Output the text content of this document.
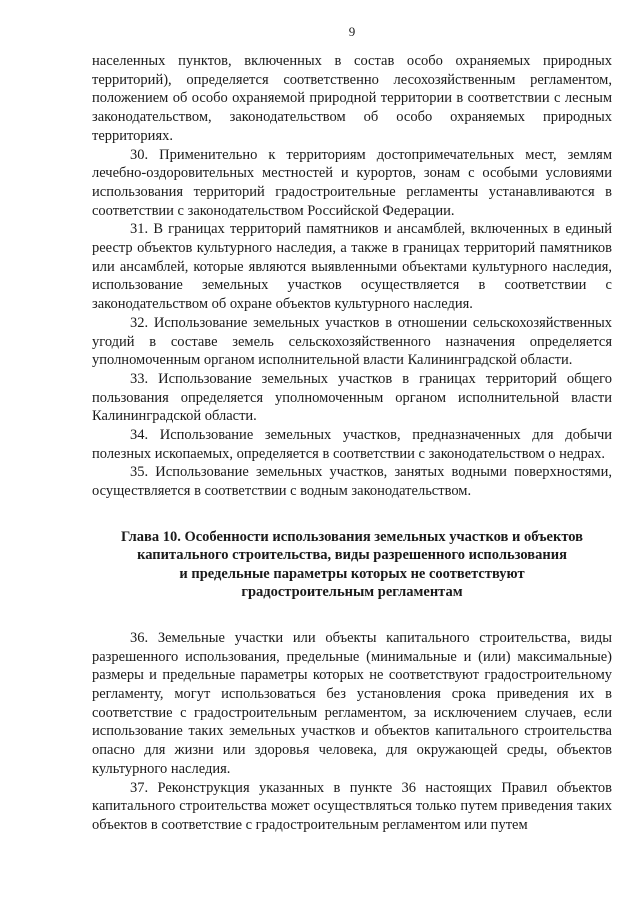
9

населенных пунктов, включенных в состав особо охраняемых природных территорий), определяется соответственно лесохозяйственным регламентом, положением об особо охраняемой природной территории в соответствии с лесным законодательством, законодательством об особо охраняемых природных территориях.

30. Применительно к территориям достопримечательных мест, землям лечебно-оздоровительных местностей и курортов, зонам с особыми условиями использования территорий градостроительные регламенты устанавливаются в соответствии с законодательством Российской Федерации.

31. В границах территорий памятников и ансамблей, включенных в единый реестр объектов культурного наследия, а также в границах территорий памятников или ансамблей, которые являются выявленными объектами культурного наследия, использование земельных участков осуществляется в соответствии с законодательством об охране объектов культурного наследия.

32. Использование земельных участков в отношении сельскохозяйственных угодий в составе земель сельскохозяйственного назначения определяется уполномоченным органом исполнительной власти Калининградской области.

33. Использование земельных участков в границах территорий общего пользования определяется уполномоченным органом исполнительной власти Калининградской области.

34. Использование земельных участков, предназначенных для добычи полезных ископаемых, определяется в соответствии с законодательством о недрах.

35. Использование земельных участков, занятых водными поверхностями, осуществляется в соответствии с водным законодательством.

Глава 10. Особенности использования земельных участков и объектов
капитального строительства, виды разрешенного использования
и предельные параметры которых не соответствуют
градостроительным регламентам

36. Земельные участки или объекты капитального строительства, виды разрешенного использования, предельные (минимальные и (или) максимальные) размеры и предельные параметры которых не соответствуют градостроительному регламенту, могут использоваться без установления срока приведения их в соответствие с градостроительным регламентом, за исключением случаев, если использование таких земельных участков и объектов капитального строительства опасно для жизни или здоровья человека, для окружающей среды, объектов культурного наследия.

37. Реконструкция указанных в пункте 36 настоящих Правил объектов капитального строительства может осуществляться только путем приведения таких объектов в соответствие с градостроительным регламентом или путем
